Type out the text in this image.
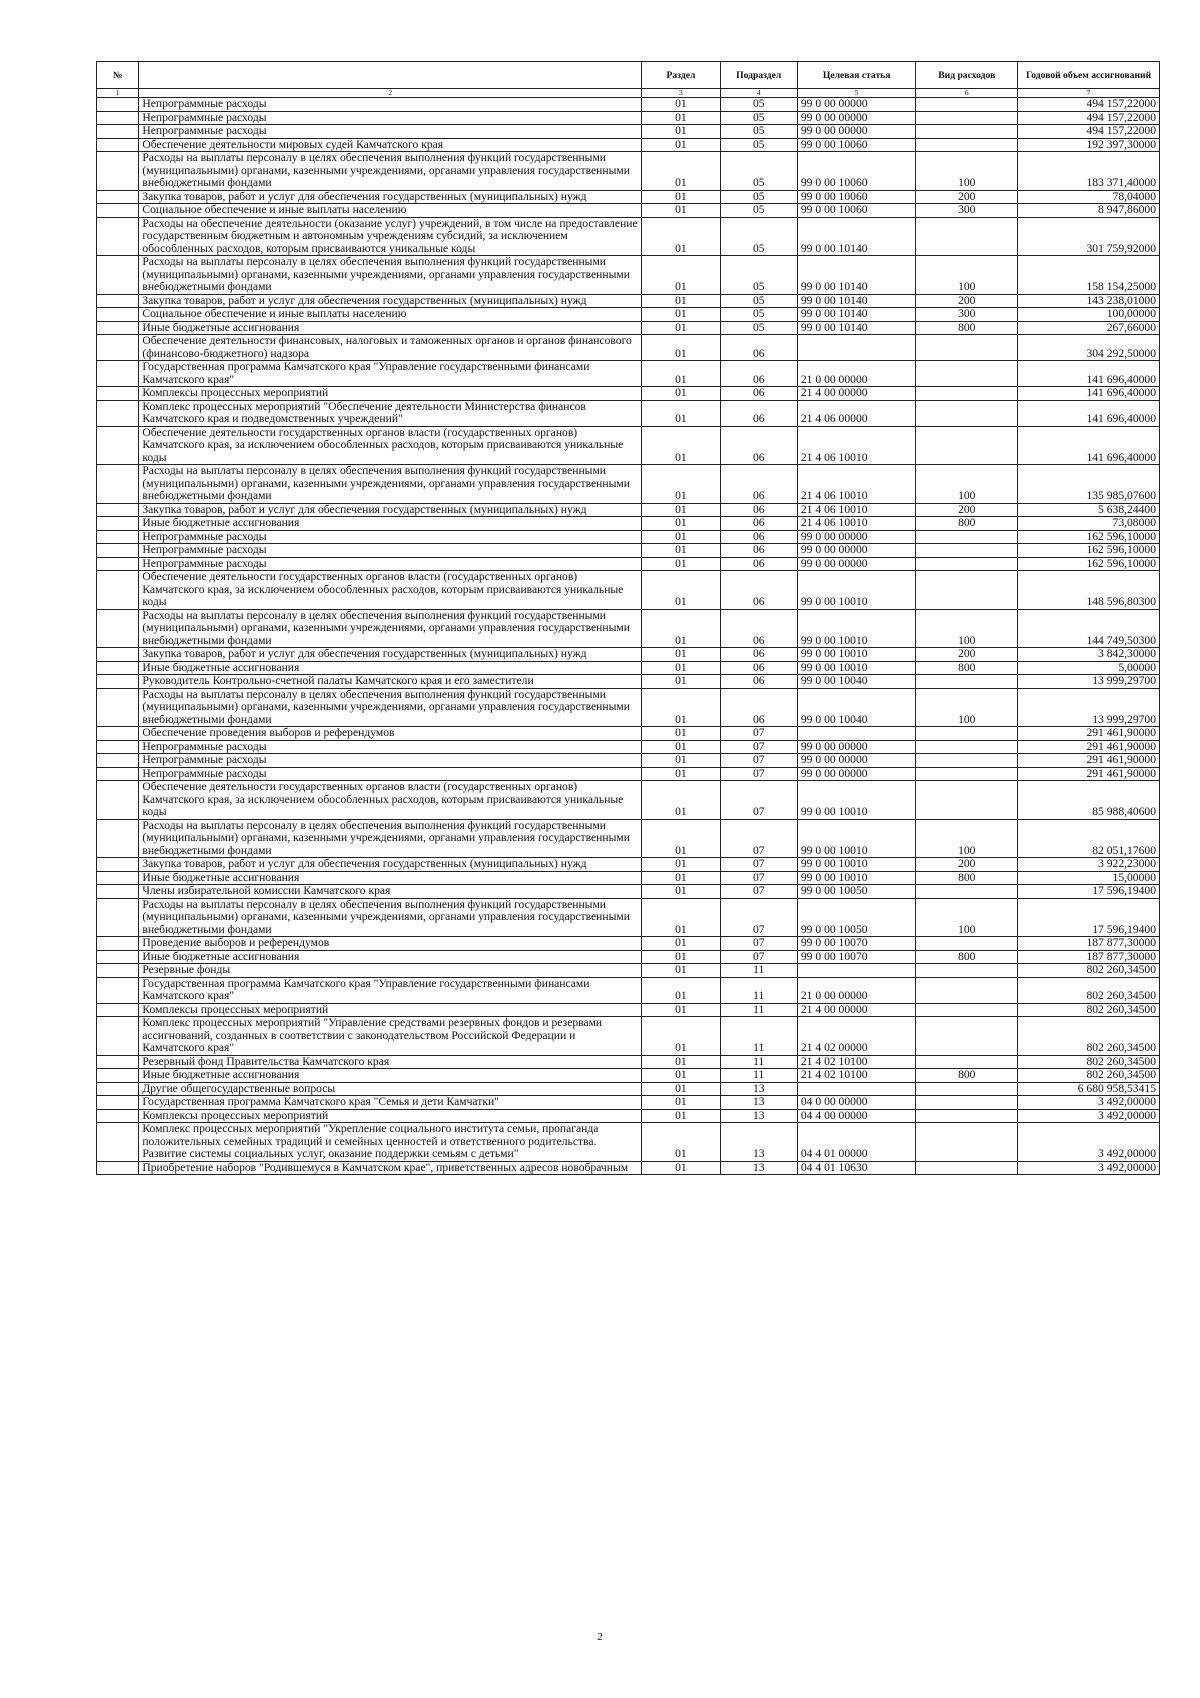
№		Раздел	Подраздел	Целевая статья	Вид расходов	Годовой объем ассигнований
1	2	3	4	5	6	7
	Непрограммные расходы	01	05	99 0 00 00000		494 157,22000
	Непрограммные расходы	01	05	99 0 00 00000		494 157,22000
	Непрограммные расходы	01	05	99 0 00 00000		494 157,22000
	Обеспечение деятельности мировых судей Камчатского края	01	05	99 0 00 10060		192 397,30000
	Расходы на выплаты персоналу в целях обеспечения выполнения функций государственными (муниципальными) органами, казенными учреждениями, органами управления государственными внебюджетными фондами	01	05	99 0 00 10060	100	183 371,40000
	Закупка товаров, работ и услуг для обеспечения государственных (муниципальных) нужд	01	05	99 0 00 10060	200	78,04000
	Социальное обеспечение и иные выплаты населению	01	05	99 0 00 10060	300	8 947,86000
	Расходы на обеспечение деятельности (оказание услуг) учреждений, в том числе на предоставление государственным бюджетным и автономным учреждениям субсидий, за исключением обособленных расходов, которым присваиваются уникальные коды	01	05	99 0 00 10140		301 759,92000
	Расходы на выплаты персоналу в целях обеспечения выполнения функций государственными (муниципальными) органами, казенными учреждениями, органами управления государственными внебюджетными фондами	01	05	99 0 00 10140	100	158 154,25000
	Закупка товаров, работ и услуг для обеспечения государственных (муниципальных) нужд	01	05	99 0 00 10140	200	143 238,01000
	Социальное обеспечение и иные выплаты населению	01	05	99 0 00 10140	300	100,00000
	Иные бюджетные ассигнования	01	05	99 0 00 10140	800	267,66000
	Обеспечение деятельности финансовых, налоговых и таможенных органов и органов финансового (финансово-бюджетного) надзора	01	06			304 292,50000
	Государственная программа Камчатского края "Управление государственными финансами Камчатского края"	01	06	21 0 00 00000		141 696,40000
	Комплексы процессных мероприятий	01	06	21 4 00 00000		141 696,40000
	Комплекс процессных мероприятий "Обеспечение деятельности Министерства финансов Камчатского края и подведомственных учреждений"	01	06	21 4 06 00000		141 696,40000
	Обеспечение деятельности государственных органов власти (государственных органов) Камчатского края, за исключением обособленных расходов, которым присваиваются уникальные коды	01	06	21 4 06 10010		141 696,40000
	Расходы на выплаты персоналу в целях обеспечения выполнения функций государственными (муниципальными) органами, казенными учреждениями, органами управления государственными внебюджетными фондами	01	06	21 4 06 10010	100	135 985,07600
	Закупка товаров, работ и услуг для обеспечения государственных (муниципальных) нужд	01	06	21 4 06 10010	200	5 638,24400
	Иные бюджетные ассигнования	01	06	21 4 06 10010	800	73,08000
	Непрограммные расходы	01	06	99 0 00 00000		162 596,10000
	Непрограммные расходы	01	06	99 0 00 00000		162 596,10000
	Непрограммные расходы	01	06	99 0 00 00000		162 596,10000
	Обеспечение деятельности государственных органов власти (государственных органов) Камчатского края, за исключением обособленных расходов, которым присваиваются уникальные коды	01	06	99 0 00 10010		148 596,80300
	Расходы на выплаты персоналу в целях обеспечения выполнения функций государственными (муниципальными) органами, казенными учреждениями, органами управления государственными внебюджетными фондами	01	06	99 0 00 10010	100	144 749,50300
	Закупка товаров, работ и услуг для обеспечения государственных (муниципальных) нужд	01	06	99 0 00 10010	200	3 842,30000
	Иные бюджетные ассигнования	01	06	99 0 00 10010	800	5,00000
	Руководитель Контрольно-счетной палаты Камчатского края и его заместители	01	06	99 0 00 10040		13 999,29700
	Расходы на выплаты персоналу в целях обеспечения выполнения функций государственными (муниципальными) органами, казенными учреждениями, органами управления государственными внебюджетными фондами	01	06	99 0 00 10040	100	13 999,29700
	Обеспечение проведения выборов и референдумов	01	07			291 461,90000
	Непрограммные расходы	01	07	99 0 00 00000		291 461,90000
	Непрограммные расходы	01	07	99 0 00 00000		291 461,90000
	Непрограммные расходы	01	07	99 0 00 00000		291 461,90000
	Обеспечение деятельности государственных органов власти (государственных органов) Камчатского края, за исключением обособленных расходов, которым присваиваются уникальные коды	01	07	99 0 00 10010		85 988,40600
	Расходы на выплаты персоналу в целях обеспечения выполнения функций государственными (муниципальными) органами, казенными учреждениями, органами управления государственными внебюджетными фондами	01	07	99 0 00 10010	100	82 051,17600
	Закупка товаров, работ и услуг для обеспечения государственных (муниципальных) нужд	01	07	99 0 00 10010	200	3 922,23000
	Иные бюджетные ассигнования	01	07	99 0 00 10010	800	15,00000
	Члены избирательной комиссии Камчатского края	01	07	99 0 00 10050		17 596,19400
	Расходы на выплаты персоналу в целях обеспечения выполнения функций государственными (муниципальными) органами, казенными учреждениями, органами управления государственными внебюджетными фондами	01	07	99 0 00 10050	100	17 596,19400
	Проведение выборов и референдумов	01	07	99 0 00 10070		187 877,30000
	Иные бюджетные ассигнования	01	07	99 0 00 10070	800	187 877,30000
	Резервные фонды	01	11			802 260,34500
	Государственная программа Камчатского края "Управление государственными финансами Камчатского края"	01	11	21 0 00 00000		802 260,34500
	Комплексы процессных мероприятий	01	11	21 4 00 00000		802 260,34500
	Комплекс процессных мероприятий "Управление средствами резервных фондов и резервами ассигнований, созданных в соответствии с законодательством Российской Федерации и Камчатского края"	01	11	21 4 02 00000		802 260,34500
	Резервный фонд Правительства Камчатского края	01	11	21 4 02 10100		802 260,34500
	Иные бюджетные ассигнования	01	11	21 4 02 10100	800	802 260,34500
	Другие общегосударственные вопросы	01	13			6 680 958,53415
	Государственная программа Камчатского края "Семья и дети Камчатки"	01	13	04 0 00 00000		3 492,00000
	Комплексы процессных мероприятий	01	13	04 4 00 00000		3 492,00000
	Комплекс процессных мероприятий "Укрепление социального института семьи, пропаганда положительных семейных традиций и семейных ценностей и ответственного родительства. Развитие системы социальных услуг, оказание поддержки семьям с детьми"	01	13	04 4 01 00000		3 492,00000
	Приобретение наборов "Родившемуся в Камчатском крае", приветственных адресов новобрачным	01	13	04 4 01 10630		3 492,00000
2
